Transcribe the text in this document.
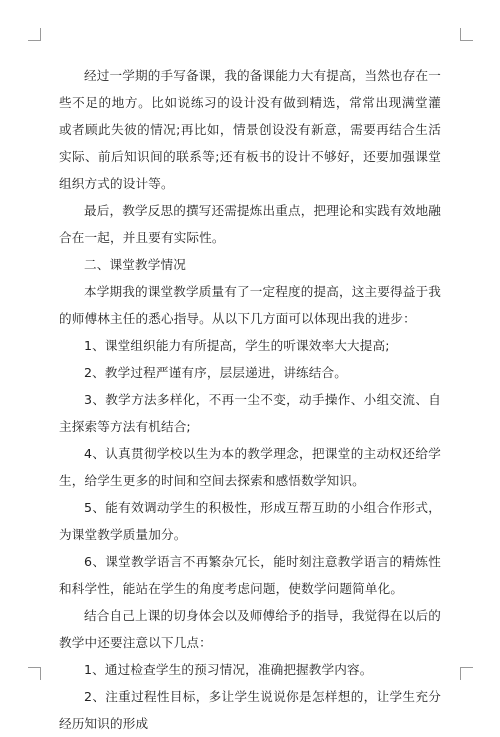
经过一学期的手写备课，我的备课能力大有提高，当然也存在一些不足的地方。比如说练习的设计没有做到精选，常常出现满堂灌或者顾此失彼的情况;再比如，情景创设没有新意，需要再结合生活实际、前后知识间的联系等;还有板书的设计不够好，还要加强课堂组织方式的设计等。

最后，教学反思的撰写还需提炼出重点，把理论和实践有效地融合在一起，并且要有实际性。

二、课堂教学情况

本学期我的课堂教学质量有了一定程度的提高，这主要得益于我的师傅林主任的悉心指导。从以下几方面可以体现出我的进步：

1、课堂组织能力有所提高，学生的听课效率大大提高;

2、教学过程严谨有序，层层递进，讲练结合。

3、教学方法多样化，不再一尘不变，动手操作、小组交流、自主探索等方法有机结合;

4、认真贯彻学校以生为本的教学理念，把课堂的主动权还给学生，给学生更多的时间和空间去探索和感悟数学知识。

5、能有效调动学生的积极性，形成互帮互助的小组合作形式，为课堂教学质量加分。

6、课堂教学语言不再繁杂冗长，能时刻注意教学语言的精炼性和科学性，能站在学生的角度考虑问题，使数学问题简单化。

结合自己上课的切身体会以及师傅给予的指导，我觉得在以后的教学中还要注意以下几点：

1、通过检查学生的预习情况，准确把握教学内容。

2、注重过程性目标，多让学生说说你是怎样想的，让学生充分经历知识的形成
